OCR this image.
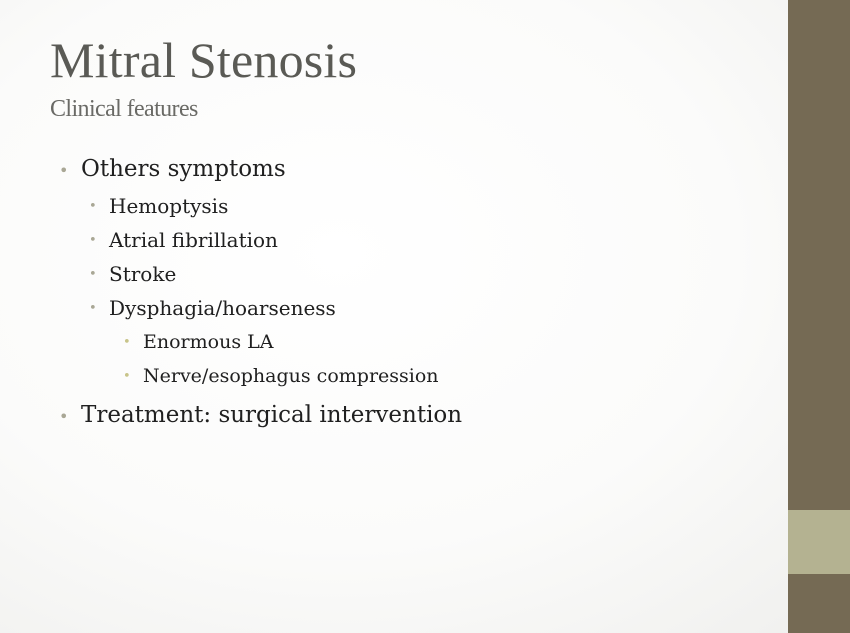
Mitral Stenosis
Clinical features
• Others symptoms
• Hemoptysis
• Atrial fibrillation
• Stroke
• Dysphagia/hoarseness
• Enormous LA
• Nerve/esophagus compression
• Treatment: surgical intervention
